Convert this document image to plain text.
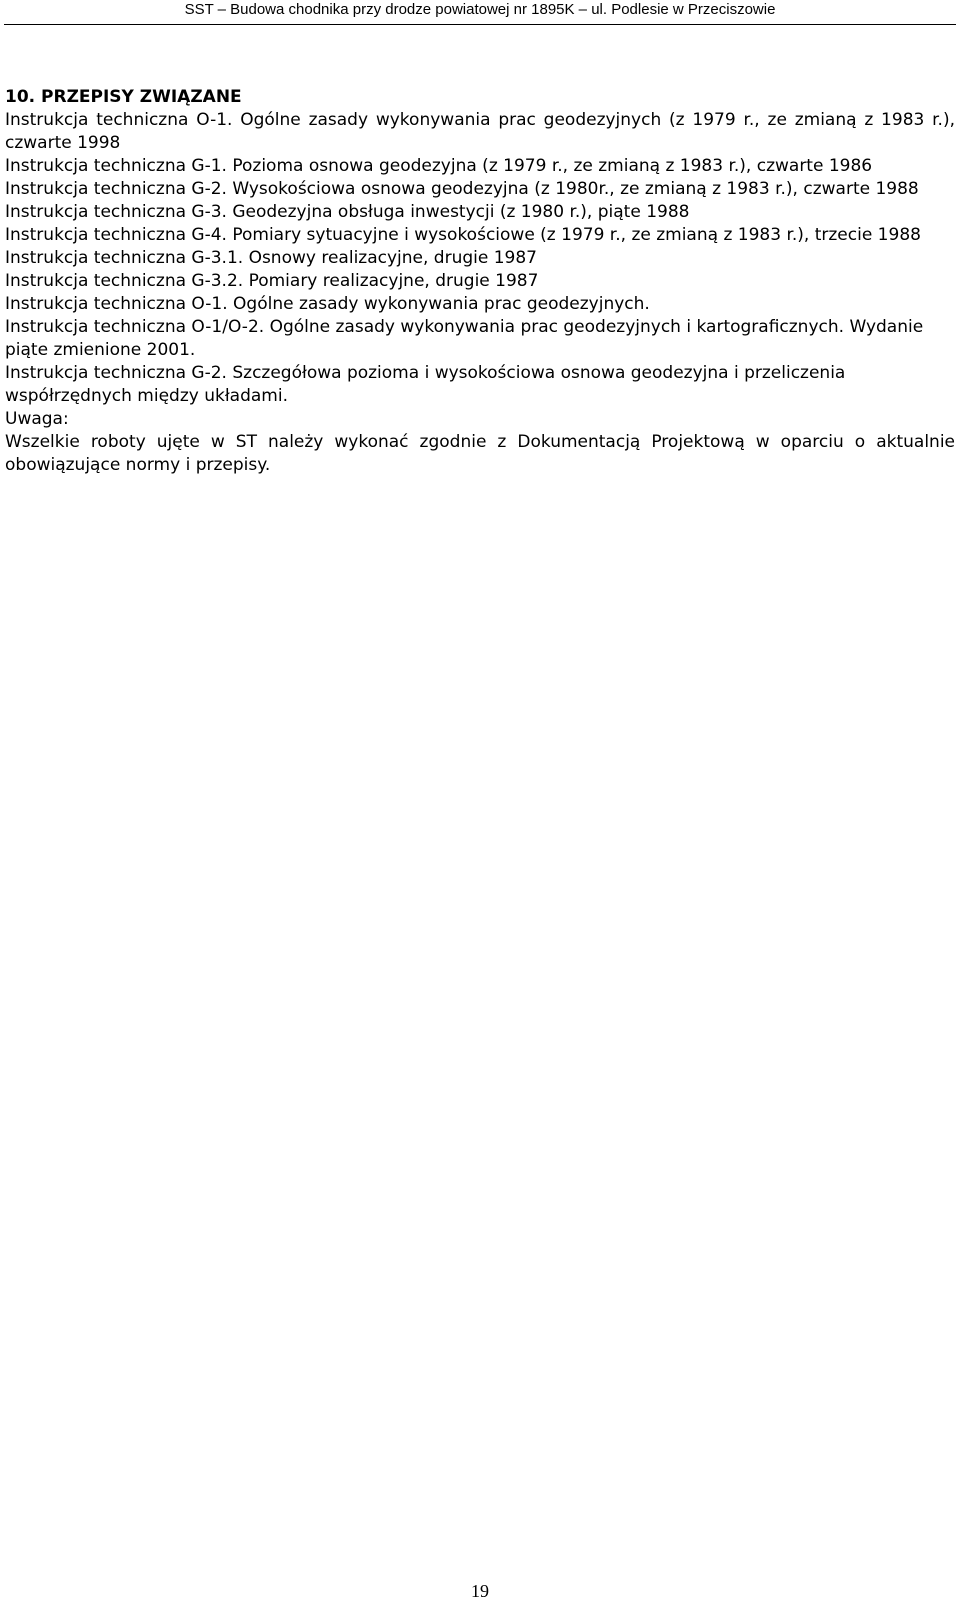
SST – Budowa chodnika przy drodze powiatowej nr 1895K – ul. Podlesie w Przeciszowie

10. PRZEPISY ZWIĄZANE

Instrukcja techniczna O-1. Ogólne zasady wykonywania prac geodezyjnych (z 1979 r., ze zmianą z 1983 r.), czwarte 1998

Instrukcja techniczna G-1. Pozioma osnowa geodezyjna (z 1979 r., ze zmianą z 1983 r.), czwarte 1986

Instrukcja techniczna G-2. Wysokościowa osnowa geodezyjna (z 1980r., ze zmianą z 1983 r.), czwarte 1988

Instrukcja techniczna G-3. Geodezyjna obsługa inwestycji (z 1980 r.), piąte 1988

Instrukcja techniczna G-4. Pomiary sytuacyjne i wysokościowe (z 1979 r., ze zmianą z 1983 r.), trzecie 1988

Instrukcja techniczna G-3.1. Osnowy realizacyjne, drugie 1987

Instrukcja techniczna G-3.2. Pomiary realizacyjne, drugie 1987

Instrukcja techniczna O-1. Ogólne zasady wykonywania prac geodezyjnych.

Instrukcja techniczna O-1/O-2. Ogólne zasady wykonywania prac geodezyjnych i kartograficznych. Wydanie piąte zmienione 2001.

Instrukcja techniczna G-2. Szczegółowa pozioma i wysokościowa osnowa geodezyjna i przeliczenia współrzędnych między układami.

Uwaga:

Wszelkie roboty ujęte w ST należy wykonać zgodnie z Dokumentacją Projektową w oparciu o aktualnie obowiązujące normy i przepisy.

19
